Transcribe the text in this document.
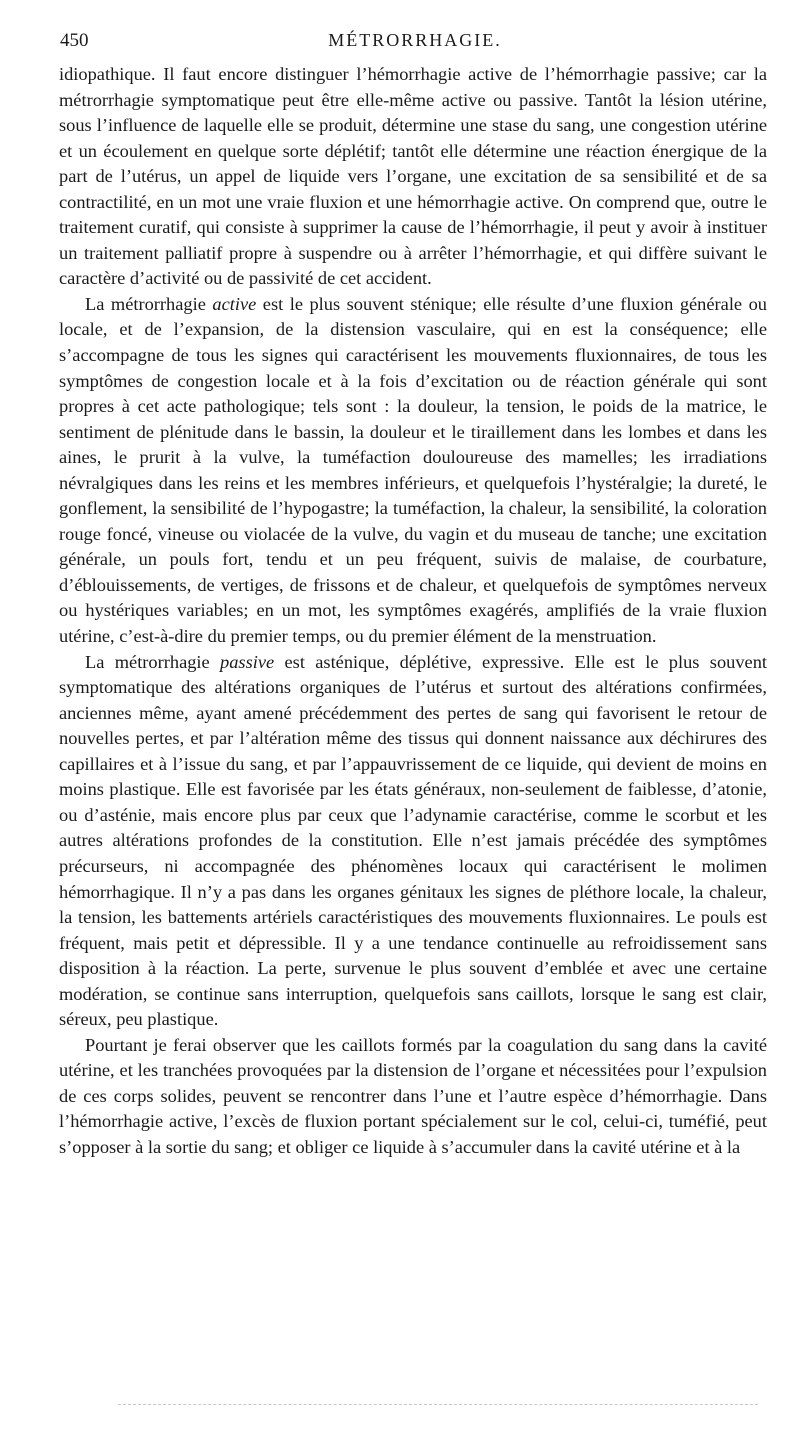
450	MÉTRORRHAGIE.

idiopathique. Il faut encore distinguer l’hémorrhagie active de l’hémorrhagie passive; car la métrorrhagie symptomatique peut être elle-même active ou passive. Tantôt la lésion utérine, sous l’influence de laquelle elle se produit, détermine une stase du sang, une congestion utérine et un écoulement en quelque sorte déplétif; tantôt elle détermine une réaction énergique de la part de l’utérus, un appel de liquide vers l’organe, une excitation de sa sensibilité et de sa contractilité, en un mot une vraie fluxion et une hémorrhagie active. On comprend que, outre le traitement curatif, qui consiste à supprimer la cause de l’hémorrhagie, il peut y avoir à instituer un traitement palliatif propre à suspendre ou à arrêter l’hémorrhagie, et qui diffère suivant le caractère d’activité ou de passivité de cet accident.

La métrorrhagie active est le plus souvent sténique; elle résulte d’une fluxion générale ou locale, et de l’expansion, de la distension vasculaire, qui en est la conséquence; elle s’accompagne de tous les signes qui caractérisent les mouvements fluxionnaires, de tous les symptômes de congestion locale et à la fois d’excitation ou de réaction générale qui sont propres à cet acte pathologique; tels sont : la douleur, la tension, le poids de la matrice, le sentiment de plénitude dans le bassin, la douleur et le tiraillement dans les lombes et dans les aines, le prurit à la vulve, la tuméfaction douloureuse des mamelles; les irradiations névralgiques dans les reins et les membres inférieurs, et quelquefois l’hystéralgie; la dureté, le gonflement, la sensibilité de l’hypogastre; la tuméfaction, la chaleur, la sensibilité, la coloration rouge foncé, vineuse ou violacée de la vulve, du vagin et du museau de tanche; une excitation générale, un pouls fort, tendu et un peu fréquent, suivis de malaise, de courbature, d’éblouissements, de vertiges, de frissons et de chaleur, et quelquefois de symptômes nerveux ou hystériques variables; en un mot, les symptômes exagérés, amplifiés de la vraie fluxion utérine, c’est-à-dire du premier temps, ou du premier élément de la menstruation.

La métrorrhagie passive est asténique, déplétive, expressive. Elle est le plus souvent symptomatique des altérations organiques de l’utérus et surtout des altérations confirmées, anciennes même, ayant amené précédemment des pertes de sang qui favorisent le retour de nouvelles pertes, et par l’altération même des tissus qui donnent naissance aux déchirures des capillaires et à l’issue du sang, et par l’appauvrissement de ce liquide, qui devient de moins en moins plastique. Elle est favorisée par les états généraux, non-seulement de faiblesse, d’atonie, ou d’asténie, mais encore plus par ceux que l’adynamie caractérise, comme le scorbut et les autres altérations profondes de la constitution. Elle n’est jamais précédée des symptômes précurseurs, ni accompagnée des phénomènes locaux qui caractérisent le molimen hémorrhagique. Il n’y a pas dans les organes génitaux les signes de pléthore locale, la chaleur, la tension, les battements artériels caractéristiques des mouvements fluxionnaires. Le pouls est fréquent, mais petit et dépressible. Il y a une tendance continuelle au refroidissement sans disposition à la réaction. La perte, survenue le plus souvent d’emblée et avec une certaine modération, se continue sans interruption, quelquefois sans caillots, lorsque le sang est clair, séreux, peu plastique.

Pourtant je ferai observer que les caillots formés par la coagulation du sang dans la cavité utérine, et les tranchées provoquées par la distension de l’organe et nécessitées pour l’expulsion de ces corps solides, peuvent se rencontrer dans l’une et l’autre espèce d’hémorrhagie. Dans l’hémorrhagie active, l’excès de fluxion portant spécialement sur le col, celui-ci, tuméfié, peut s’opposer à la sortie du sang; et obliger ce liquide à s’accumuler dans la cavité utérine et à la
